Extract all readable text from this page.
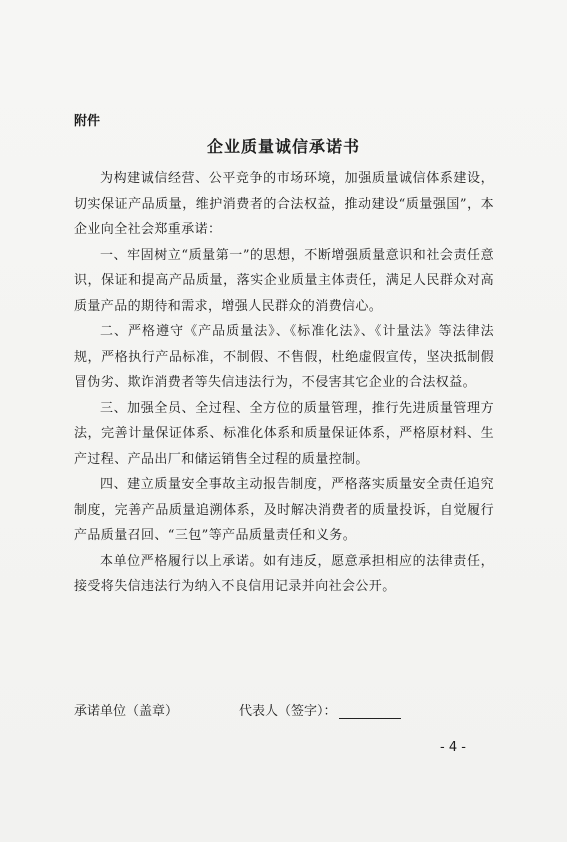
附件
企业质量诚信承诺书

为构建诚信经营、公平竞争的市场环境，加强质量诚信体系建设，切实保证产品质量，维护消费者的合法权益，推动建设“质量强国”，本企业向全社会郑重承诺：

一、牢固树立“质量第一”的思想，不断增强质量意识和社会责任意识，保证和提高产品质量，落实企业质量主体责任，满足人民群众对高质量产品的期待和需求，增强人民群众的消费信心。

二、严格遵守《产品质量法》、《标准化法》、《计量法》等法律法规，严格执行产品标准，不制假、不售假，杜绝虚假宣传，坚决抵制假冒伪劣、欺诈消费者等失信违法行为，不侵害其它企业的合法权益。

三、加强全员、全过程、全方位的质量管理，推行先进质量管理方法，完善计量保证体系、标准化体系和质量保证体系，严格原材料、生产过程、产品出厂和储运销售全过程的质量控制。

四、建立质量安全事故主动报告制度，严格落实质量安全责任追究制度，完善产品质量追溯体系，及时解决消费者的质量投诉，自觉履行产品质量召回、“三包”等产品质量责任和义务。

本单位严格履行以上承诺。如有违反，愿意承担相应的法律责任，接受将失信违法行为纳入不良信用记录并向社会公开。

承诺单位（盖章）	代表人（签字）：
- 4 -
